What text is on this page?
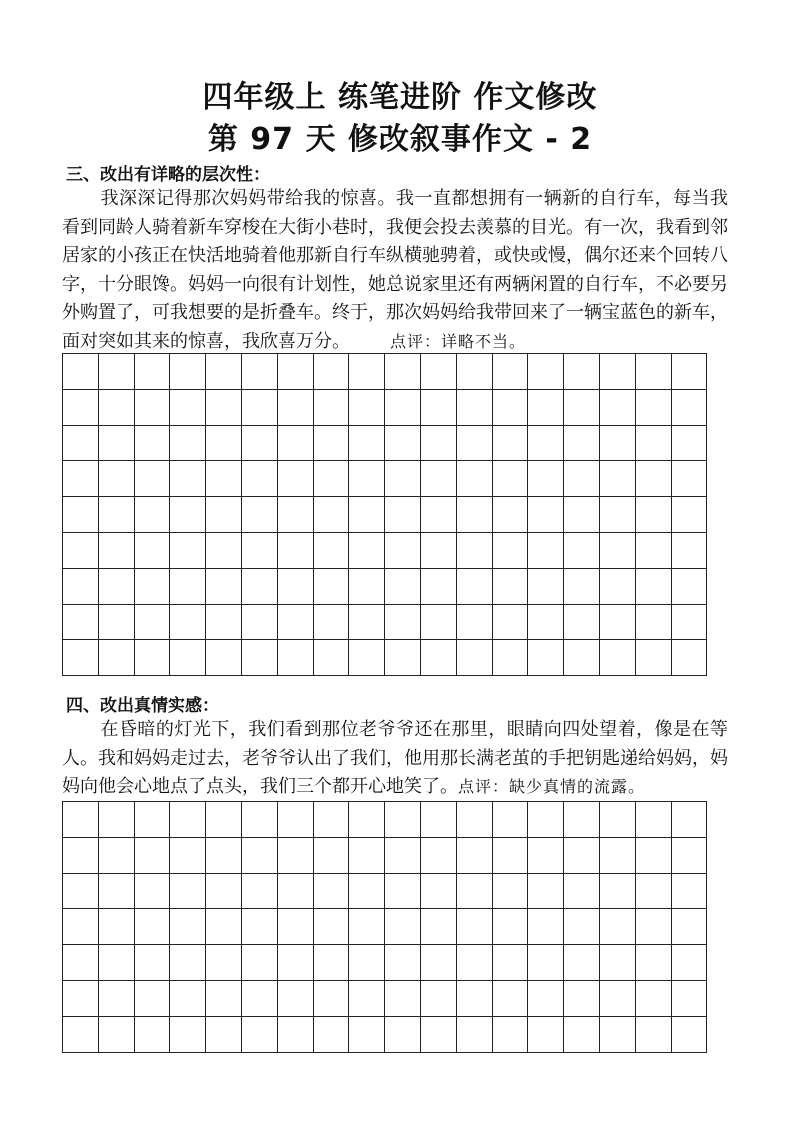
四年级上 练笔进阶 作文修改
第 97 天 修改叙事作文 - 2
三、改出有详略的层次性：

我深深记得那次妈妈带给我的惊喜。我一直都想拥有一辆新的自行车，每当我看到同龄人骑着新车穿梭在大街小巷时，我便会投去羡慕的目光。有一次，我看到邻居家的小孩正在快活地骑着他那新自行车纵横驰骋着，或快或慢，偶尔还来个回转八字，十分眼馋。妈妈一向很有计划性，她总说家里还有两辆闲置的自行车，不必要另外购置了，可我想要的是折叠车。终于，那次妈妈给我带回来了一辆宝蓝色的新车，面对突如其来的惊喜，我欣喜万分。	点评：详略不当。

四、改出真情实感：

在昏暗的灯光下，我们看到那位老爷爷还在那里，眼睛向四处望着，像是在等人。我和妈妈走过去，老爷爷认出了我们，他用那长满老茧的手把钥匙递给妈妈，妈妈向他会心地点了点头，我们三个都开心地笑了。点评：缺少真情的流露。
